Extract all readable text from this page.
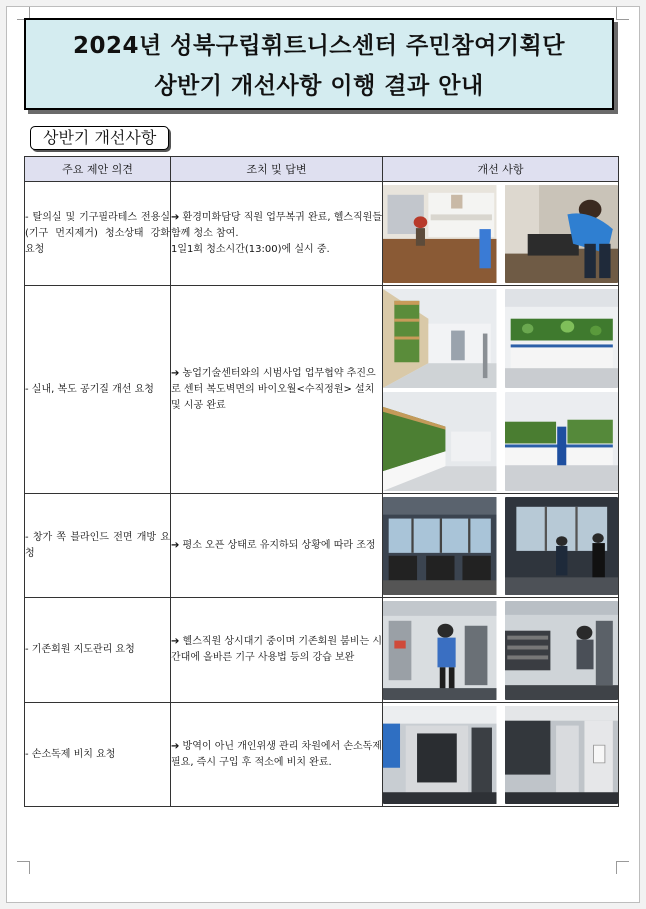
2024년 성북구립휘트니스센터 주민참여기획단
상반기 개선사항 이행 결과 안내
상반기 개선사항
주요 제안 의견	조치 및 답변	개선 사항
- 탈의실 및 기구필라테스 전용실(기구 먼지제거) 청소상태 강화 요청	➔ 환경미화담당 직원 업무복귀 완료, 헬스직원들 함께 청소 참여.
1일1회 청소시간(13:00)에 실시 중.	

- 실내, 복도 공기질 개선 요청	➔ 농업기술센터와의 시범사업 업무협약 추진으로 센터 복도벽면의 바이오월<수직정원> 설치 및 시공 완료	

- 창가 쪽 블라인드 전면 개방 요청	➔ 평소 오픈 상태로 유지하되 상황에 따라 조정	

- 기존회원 지도관리 요청	➔ 헬스직원 상시대기 중이며 기존회원 붐비는 시간대에 올바른 기구 사용법 등의 강습 보완	

- 손소독제 비치 요청	➔ 방역이 아닌 개인위생 관리 차원에서 손소독제 필요, 즉시 구입 후 적소에 비치 완료.	
